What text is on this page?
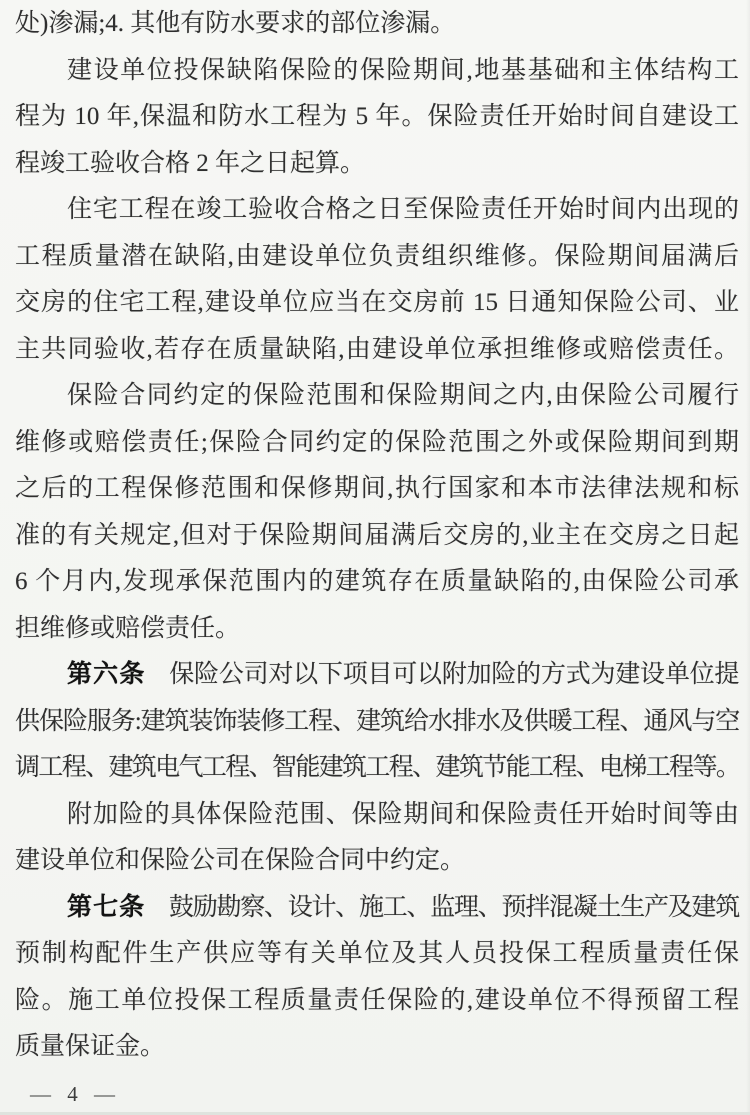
处)渗漏;4. 其他有防水要求的部位渗漏。
建设单位投保缺陷保险的保险期间,地基基础和主体结构工
程为 10 年,保温和防水工程为 5 年。保险责任开始时间自建设工
程竣工验收合格 2 年之日起算。
住宅工程在竣工验收合格之日至保险责任开始时间内出现的
工程质量潜在缺陷,由建设单位负责组织维修。保险期间届满后
交房的住宅工程,建设单位应当在交房前 15 日通知保险公司、业
主共同验收,若存在质量缺陷,由建设单位承担维修或赔偿责任。
保险合同约定的保险范围和保险期间之内,由保险公司履行
维修或赔偿责任;保险合同约定的保险范围之外或保险期间到期
之后的工程保修范围和保修期间,执行国家和本市法律法规和标
准的有关规定,但对于保险期间届满后交房的,业主在交房之日起
6 个月内,发现承保范围内的建筑存在质量缺陷的,由保险公司承
担维修或赔偿责任。
第六条 保险公司对以下项目可以附加险的方式为建设单位提
供保险服务:建筑装饰装修工程、建筑给水排水及供暖工程、通风与空
调工程、建筑电气工程、智能建筑工程、建筑节能工程、电梯工程等。
附加险的具体保险范围、保险期间和保险责任开始时间等由
建设单位和保险公司在保险合同中约定。
第七条 鼓励勘察、设计、施工、监理、预拌混凝土生产及建筑
预制构配件生产供应等有关单位及其人员投保工程质量责任保
险。施工单位投保工程质量责任保险的,建设单位不得预留工程
质量保证金。
— 4 —
